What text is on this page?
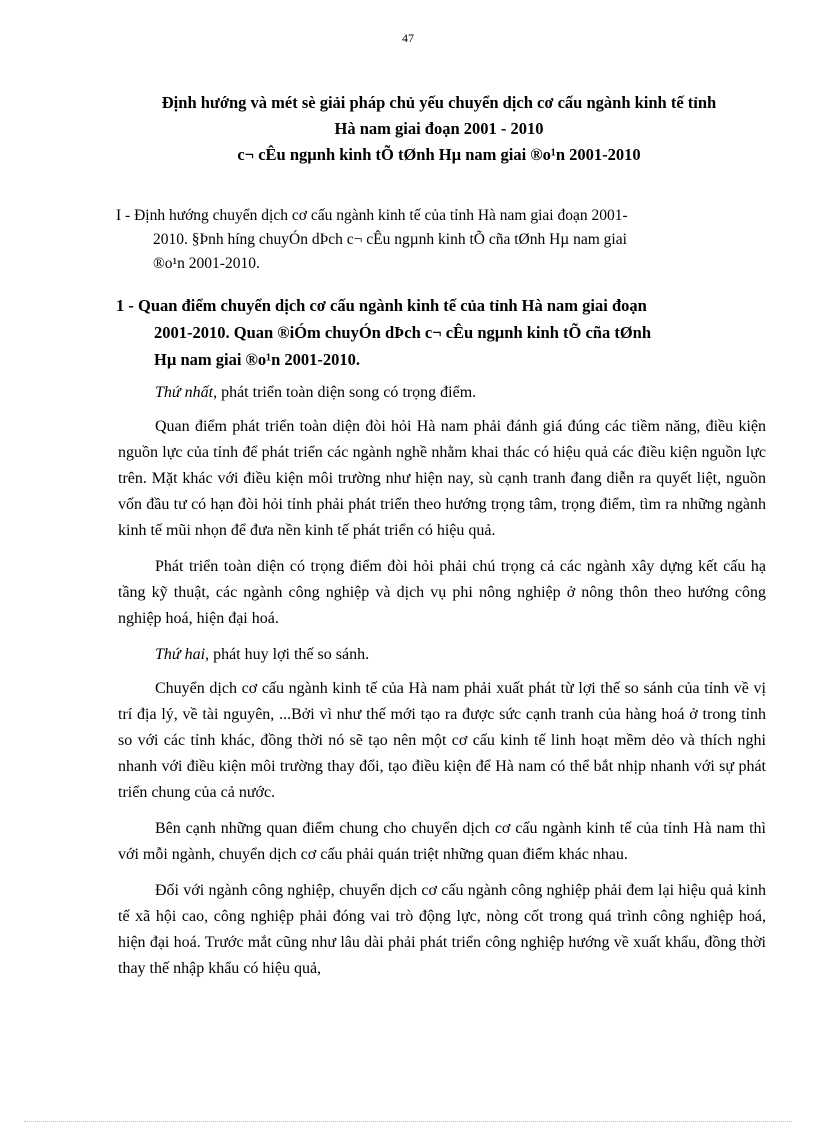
47
Định hướng và mét sè giải pháp chủ yếu chuyển dịch cơ cấu ngành kinh tế tỉnh
Hà nam giai đoạn 2001 - 2010
c¬ cÊu ngµnh kinh tÕ tØnh Hµ nam giai ®o¹n 2001-2010
I - Định hướng chuyển dịch cơ cấu ngành kinh tế của tỉnh Hà nam giai đoạn 2001-
2010. §Þnh híng chuyÓn dÞch c¬ cÊu ngµnh kinh tÕ cña tØnh Hµ nam giai
®o¹n 2001-2010.
1 - Quan điểm chuyển dịch cơ cấu ngành kinh tế của tỉnh Hà nam giai đoạn
2001-2010. Quan ®iÓm chuyÓn dÞch c¬ cÊu ngµnh kinh tÕ cña tØnh
Hµ nam giai ®o¹n 2001-2010.

Thứ nhất, phát triển toàn diện song có trọng điểm.

Quan điểm phát triển toàn diện đòi hỏi Hà nam phải đánh giá đúng các tiềm năng, điều kiện nguồn lực của tỉnh để phát triển các ngành nghề nhằm khai thác có hiệu quả các điều kiện nguồn lực trên. Mặt khác với điều kiện môi trường như hiện nay, sù cạnh tranh đang diễn ra quyết liệt, nguồn vốn đầu tư có hạn đòi hỏi tỉnh phải phát triển theo hướng trọng tâm, trọng điểm, tìm ra những ngành kinh tế mũi nhọn để đưa nền kinh tế phát triển có hiệu quả.

Phát triển toàn diện có trọng điểm đòi hỏi phải chú trọng cả các ngành xây dựng kết cấu hạ tầng kỹ thuật, các ngành công nghiệp và dịch vụ phi nông nghiệp ở nông thôn theo hướng công nghiệp hoá, hiện đại hoá.

Thứ hai, phát huy lợi thế so sánh.

Chuyển dịch cơ cấu ngành kinh tế của Hà nam phải xuất phát từ lợi thế so sánh của tỉnh về vị trí địa lý, về tài nguyên, ...Bởi vì như thế mới tạo ra được sức cạnh tranh của hàng hoá ở trong tỉnh so với các tỉnh khác, đồng thời nó sẽ tạo nên một cơ cấu kinh tế linh hoạt mềm dẻo và thích nghi nhanh với điều kiện môi trường thay đổi, tạo điều kiện để Hà nam có thể bắt nhịp nhanh với sự phát triển chung của cả nước.

Bên cạnh những quan điểm chung cho chuyển dịch cơ cấu ngành kinh tế của tỉnh Hà nam thì với mỗi ngành, chuyển dịch cơ cấu phải quán triệt những quan điểm khác nhau.

Đối với ngành công nghiệp, chuyển dịch cơ cấu ngành công nghiệp phải đem lại hiệu quả kinh tế xã hội cao, công nghiệp phải đóng vai trò động lực, nòng cốt trong quá trình công nghiệp hoá, hiện đại hoá. Trước mắt cũng như lâu dài phải phát triển công nghiệp hướng về xuất khẩu, đồng thời thay thế nhập khẩu có hiệu quả,
